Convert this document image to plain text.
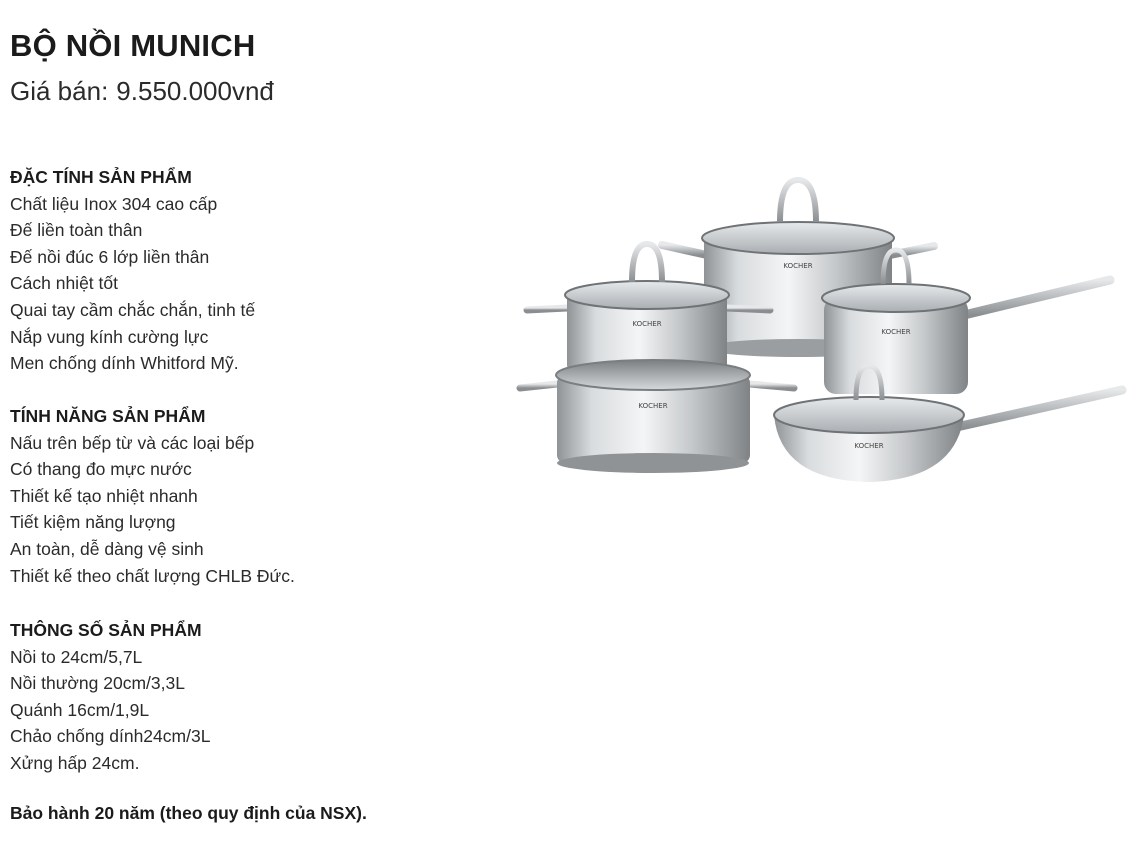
BỘ NỒI MUNICH
Giá bán: 9.550.000vnđ
ĐẶC TÍNH SẢN PHẨM
Chất liệu Inox 304 cao cấp
Đế liền toàn thân
Đế nồi đúc 6 lớp liền thân
Cách nhiệt tốt
Quai tay cầm chắc chắn, tinh tế
Nắp vung kính cường lực
Men chống dính Whitford Mỹ.
TÍNH NĂNG SẢN PHẨM
Nấu trên bếp từ và các loại bếp
Có thang đo mực nước
Thiết kế tạo nhiệt nhanh
Tiết kiệm năng lượng
An toàn, dễ dàng vệ sinh
Thiết kế theo chất lượng CHLB Đức.
THÔNG SỐ SẢN PHẨM
Nồi to 24cm/5,7L
Nồi thường 20cm/3,3L
Quánh 16cm/1,9L
Chảo chống dính24cm/3L
Xửng hấp 24cm.
Bảo hành 20 năm (theo quy định của NSX).
KOCHER
KOCHER
KOCHER
KOCHER
KOCHER
